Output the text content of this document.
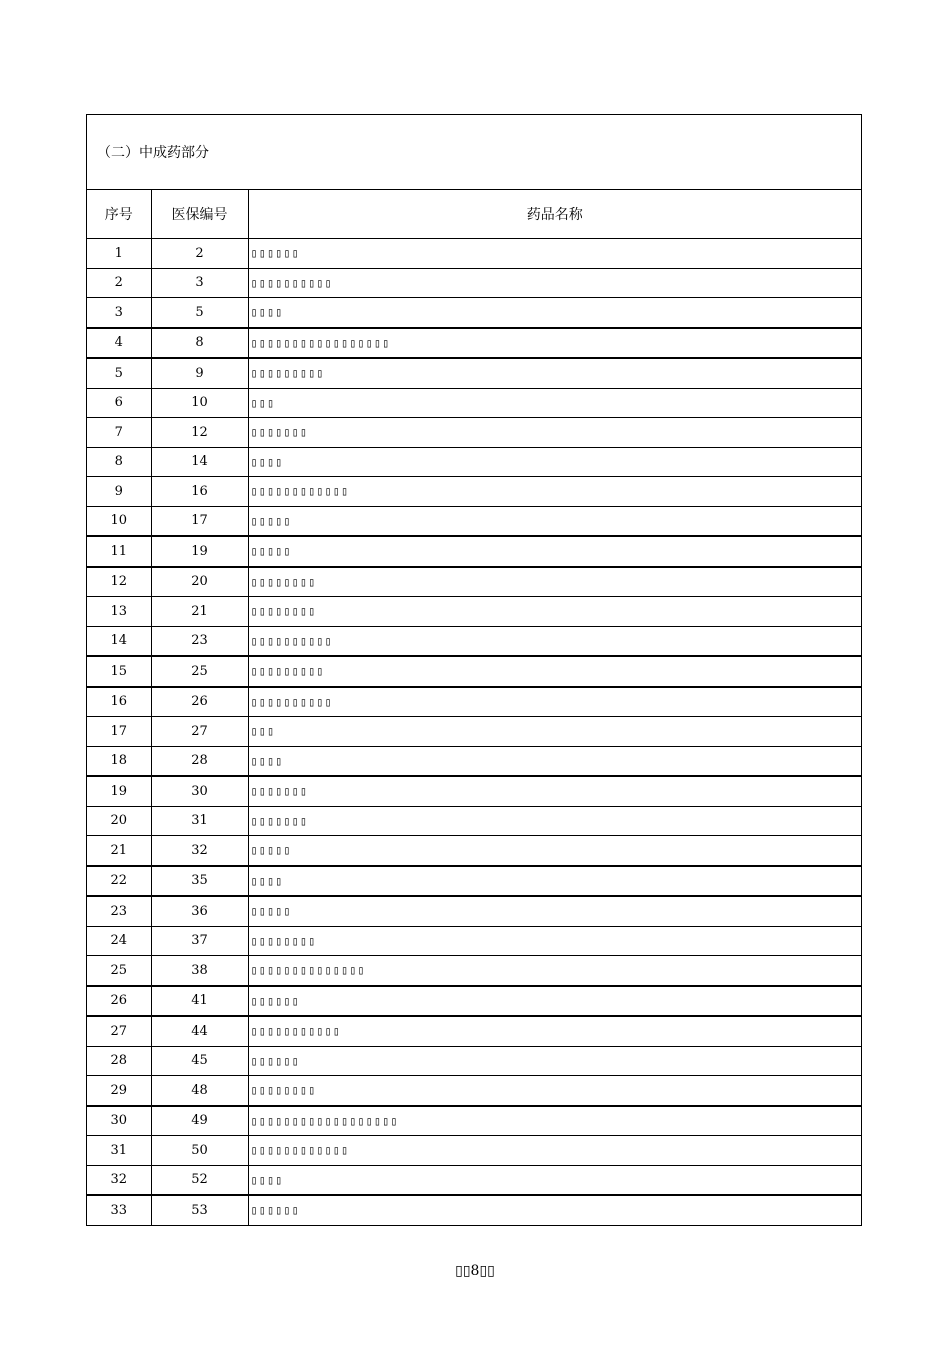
（二）中成药部分
序号	医保编号	药品名称
1	2	▯▯▯▯▯▯
2	3	▯▯▯▯▯▯▯▯▯▯
3	5	▯▯▯▯
4	8	▯▯▯▯▯▯▯▯▯▯▯▯▯▯▯▯▯
5	9	▯▯▯▯▯▯▯▯▯
6	10	▯▯▯
7	12	▯▯▯▯▯▯▯
8	14	▯▯▯▯
9	16	▯▯▯▯▯▯▯▯▯▯▯▯
10	17	▯▯▯▯▯
11	19	▯▯▯▯▯
12	20	▯▯▯▯▯▯▯▯
13	21	▯▯▯▯▯▯▯▯
14	23	▯▯▯▯▯▯▯▯▯▯
15	25	▯▯▯▯▯▯▯▯▯
16	26	▯▯▯▯▯▯▯▯▯▯
17	27	▯▯▯
18	28	▯▯▯▯
19	30	▯▯▯▯▯▯▯
20	31	▯▯▯▯▯▯▯
21	32	▯▯▯▯▯
22	35	▯▯▯▯
23	36	▯▯▯▯▯
24	37	▯▯▯▯▯▯▯▯
25	38	▯▯▯▯▯▯▯▯▯▯▯▯▯▯
26	41	▯▯▯▯▯▯
27	44	▯▯▯▯▯▯▯▯▯▯▯
28	45	▯▯▯▯▯▯
29	48	▯▯▯▯▯▯▯▯
30	49	▯▯▯▯▯▯▯▯▯▯▯▯▯▯▯▯▯▯
31	50	▯▯▯▯▯▯▯▯▯▯▯▯
32	52	▯▯▯▯
33	53	▯▯▯▯▯▯
▯▯8▯▯
